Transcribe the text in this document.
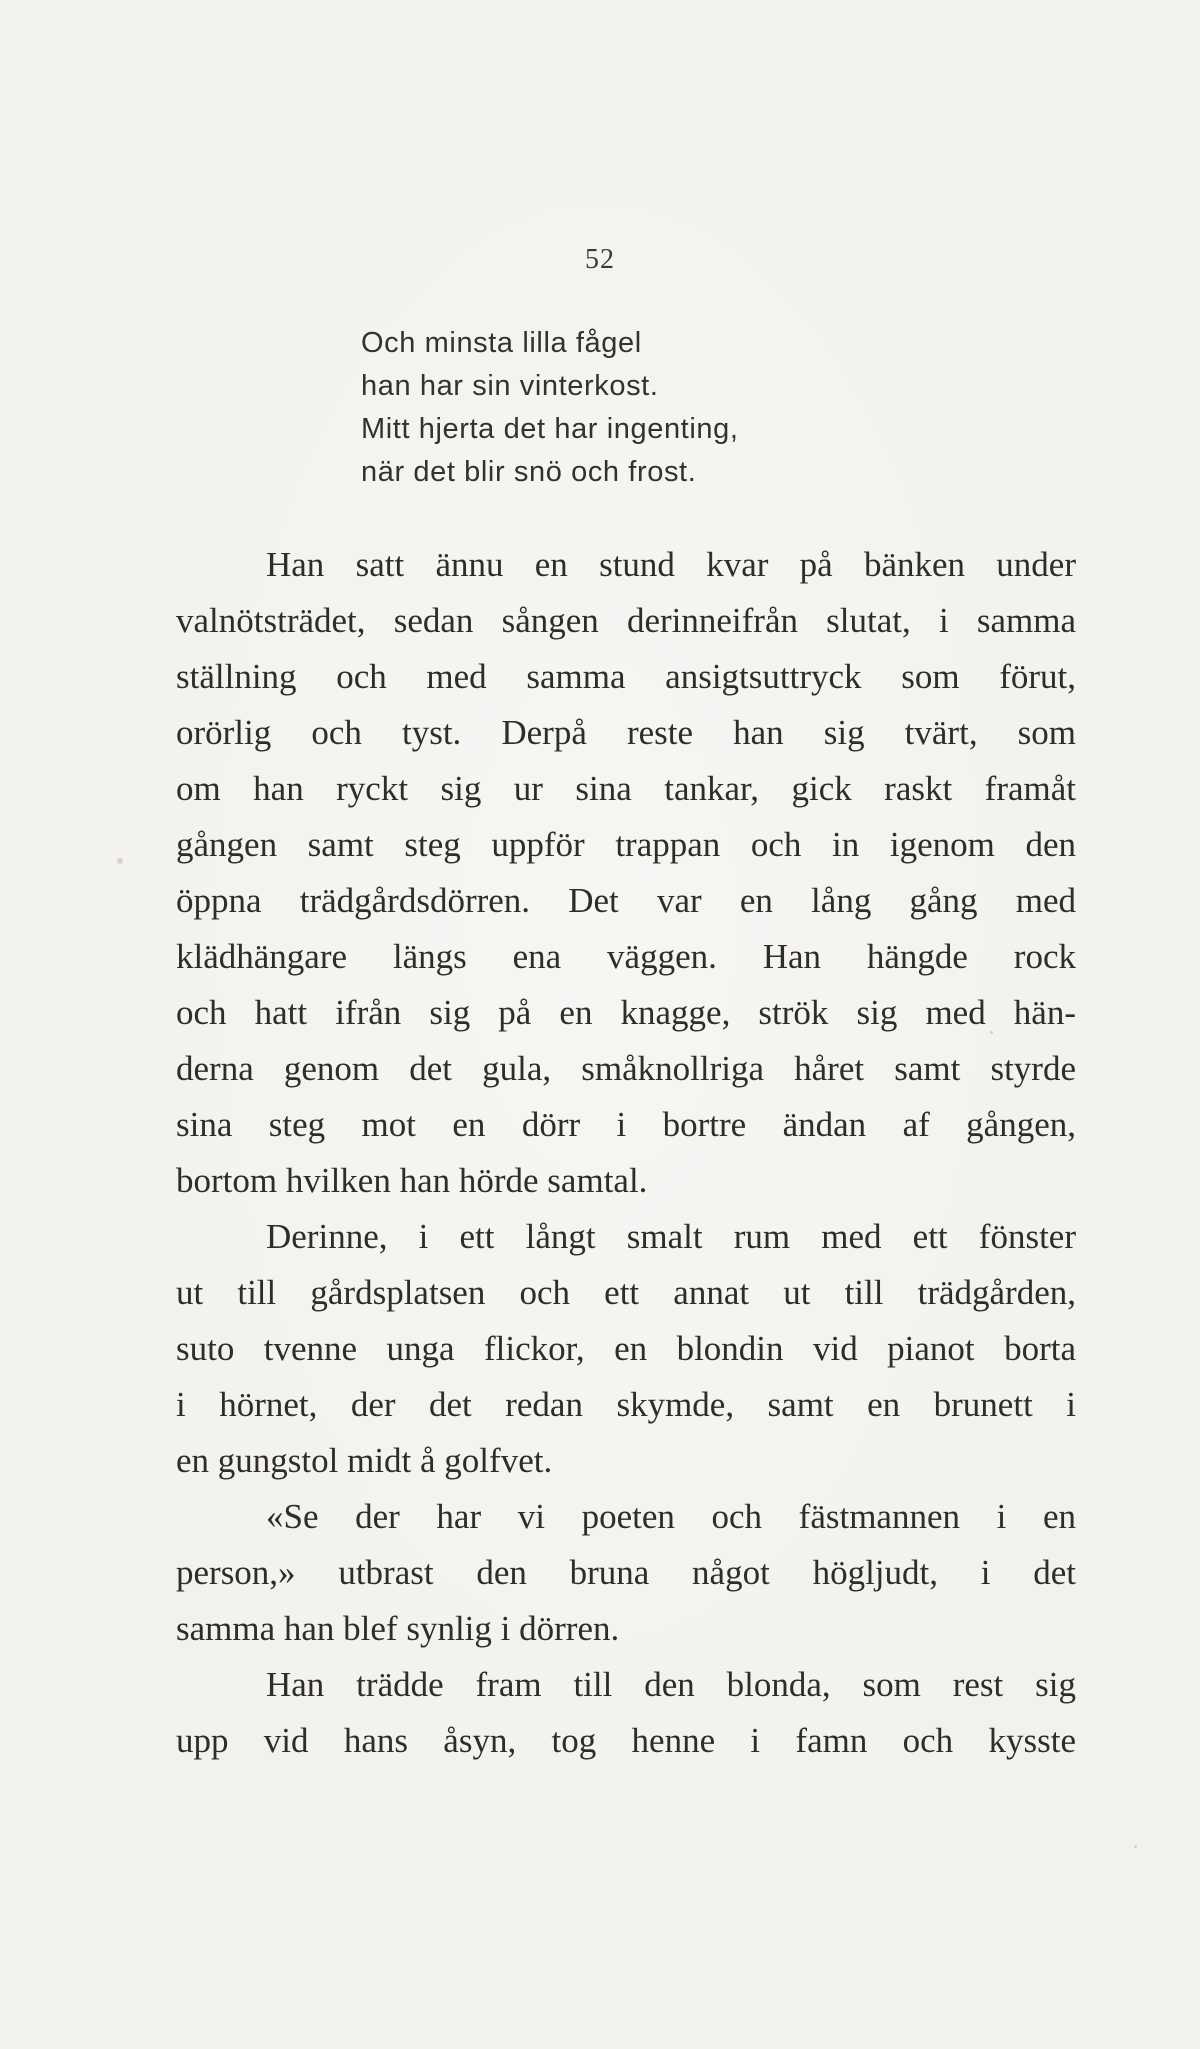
52
Och minsta lilla fågel
han har sin vinterkost.
Mitt hjerta det har ingenting,
när det blir snö och frost.

Han satt ännu en stund kvar på bänken under
valnötsträdet, sedan sången derinneifrån slutat, i samma
ställning och med samma ansigtsuttryck som förut,
orörlig och tyst. Derpå reste han sig tvärt, som
om han ryckt sig ur sina tankar, gick raskt framåt
gången samt steg uppför trappan och in igenom den
öppna trädgårdsdörren. Det var en lång gång med
klädhängare längs ena väggen. Han hängde rock
och hatt ifrån sig på en knagge, strök sig med hän-
derna genom det gula, småknollriga håret samt styrde
sina steg mot en dörr i bortre ändan af gången,
bortom hvilken han hörde samtal.

Derinne, i ett långt smalt rum med ett fönster
ut till gårdsplatsen och ett annat ut till trädgården,
suto tvenne unga flickor, en blondin vid pianot borta
i hörnet, der det redan skymde, samt en brunett i
en gungstol midt å golfvet.

«Se der har vi poeten och fästmannen i en
person,» utbrast den bruna något högljudt, i det
samma han blef synlig i dörren.

Han trädde fram till den blonda, som rest sig
upp vid hans åsyn, tog henne i famn och kysste
